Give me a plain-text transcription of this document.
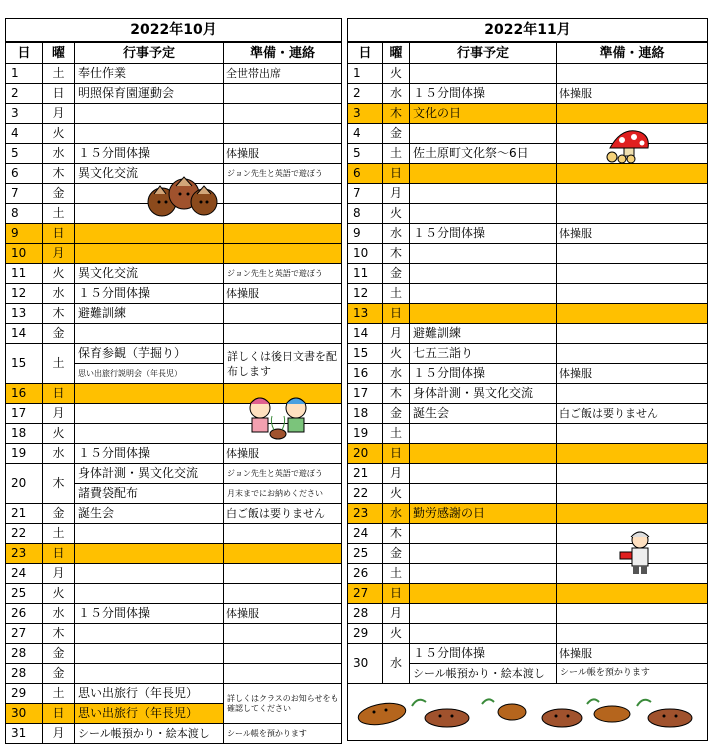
2022年10月			
日	曜	行事予定	準備・連絡
1	土	奉仕作業	全世帯出席
2	日	明照保育園運動会	
3	月		
4	火		
5	水	１５分間体操	体操服
6	木	異文化交流	ジョン先生と英語で遊ぼう
7	金		
8	土		
9	日		
10	月		
11	火	異文化交流	ジョン先生と英語で遊ぼう
12	水	１５分間体操	体操服
13	木	避難訓練	
14	金		
15	土	保育参観（芋掘り）	詳しくは後日文書を配布します
		思い出旅行説明会（年長児）	
16	日		
17	月		
18	火		
19	水	１５分間体操	体操服
20	木	身体計測・異文化交流	ジョン先生と英語で遊ぼう
		諸費袋配布	月末までにお納めください
21	金	誕生会	白ご飯は要りません
22	土		
23	日		
24	月		
25	火		
26	水	１５分間体操	体操服
27	木		
28	金		
28	金		
29	土	思い出旅行（年長児）	詳しくはクラスのお知らせをも確認してください
30	日	思い出旅行（年長児）	
31	月	シール帳預かり・絵本渡し	シール帳を預かります
2022年11月			
日	曜	行事予定	準備・連絡
1	火		
2	水	１５分間体操	体操服
3	木	文化の日	
4	金		
5	土	佐土原町文化祭～6日	
6	日		
7	月		
8	火		
9	水	１５分間体操	体操服
10	木		
11	金		
12	土		
13	日		
14	月	避難訓練	
15	火	七五三詣り	
16	水	１５分間体操	体操服
17	木	身体計測・異文化交流	
18	金	誕生会	白ご飯は要りません
19	土		
20	日		
21	月		
22	火		
23	水	勤労感謝の日	
24	木		
25	金		
26	土		
27	日		
28	月		
29	火		
30	水	１５分間体操	体操服
		シール帳預かり・絵本渡し	シール帳を預かります
